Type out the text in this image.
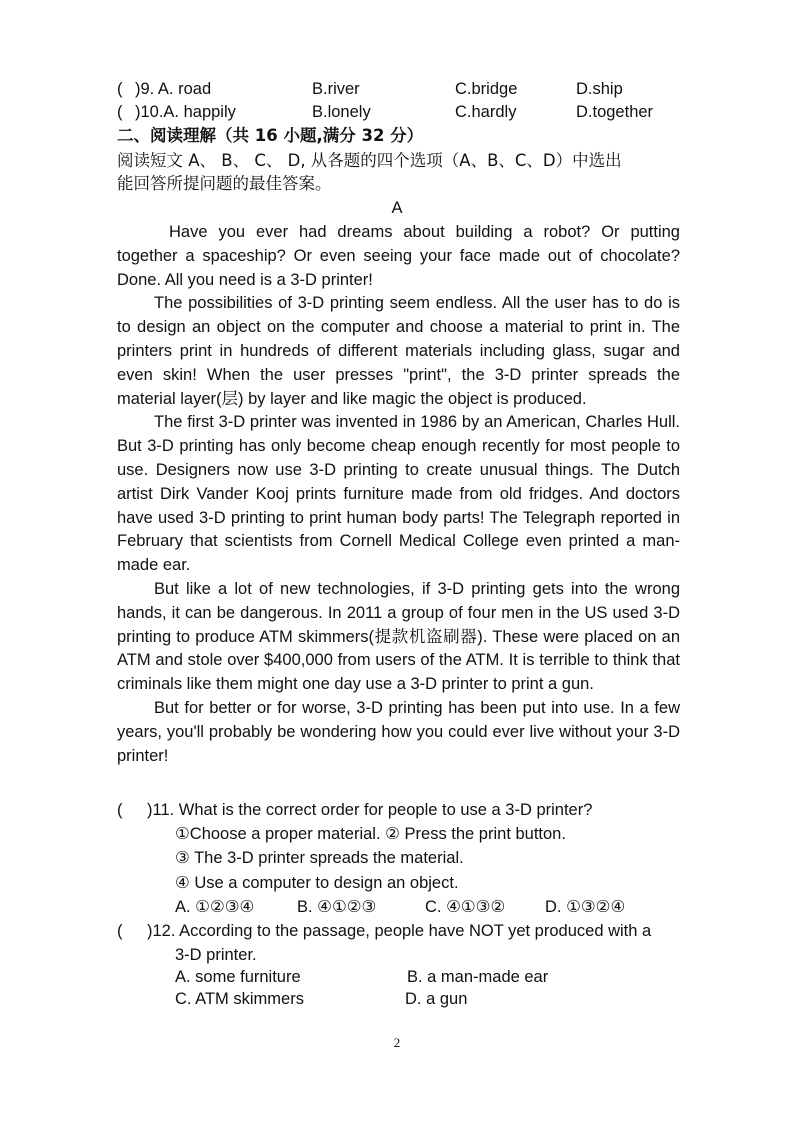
( )9. A. road	B.river	C.bridge	D.ship
( )10.A. happily	B.lonely	C.hardly	D.together
二、阅读理解（共 16 小题,满分 32 分）
阅读短文 A、 B、 C、 D, 从各题的四个选项（A、B、C、D）中选出
能回答所提问题的最佳答案。
A

Have you ever had dreams about building a robot? Or putting together a spaceship? Or even seeing your face made out of chocolate? Done. All you need is a 3-D printer!

The possibilities of 3-D printing seem endless. All the user has to do is to design an object on the computer and choose a material to print in. The printers print in hundreds of different materials including glass, sugar and even skin! When the user presses "print", the 3-D printer spreads the material layer(层) by layer and like magic the object is produced.

The first 3-D printer was invented in 1986 by an American, Charles Hull. But 3-D printing has only become cheap enough recently for most people to use. Designers now use 3-D printing to create unusual things. The Dutch artist Dirk Vander Kooj prints furniture made from old fridges. And doctors have used 3-D printing to print human body parts! The Telegraph reported in February that scientists from Cornell Medical College even printed a man-made ear.

But like a lot of new technologies, if 3-D printing gets into the wrong hands, it can be dangerous. In 2011 a group of four men in the US used 3-D printing to produce ATM skimmers(提款机盗刷器). These were placed on an ATM and stole over $400,000 from users of the ATM. It is terrible to think that criminals like them might one day use a 3-D printer to print a gun.

But for better or for worse, 3-D printing has been put into use. In a few years, you'll probably be wondering how you could ever live without your 3-D printer!

( )11. What is the correct order for people to use a 3-D printer?
①Choose a proper material. ② Press the print button.
③ The 3-D printer spreads the material.
④ Use a computer to design an object.
A. ①②③④	B. ④①②③	C. ④①③② D. ①③②④
( )12. According to the passage, people have NOT yet produced with a
3-D printer.
A. some furniture	B. a man-made ear
C. ATM skimmers	D. a gun
2
